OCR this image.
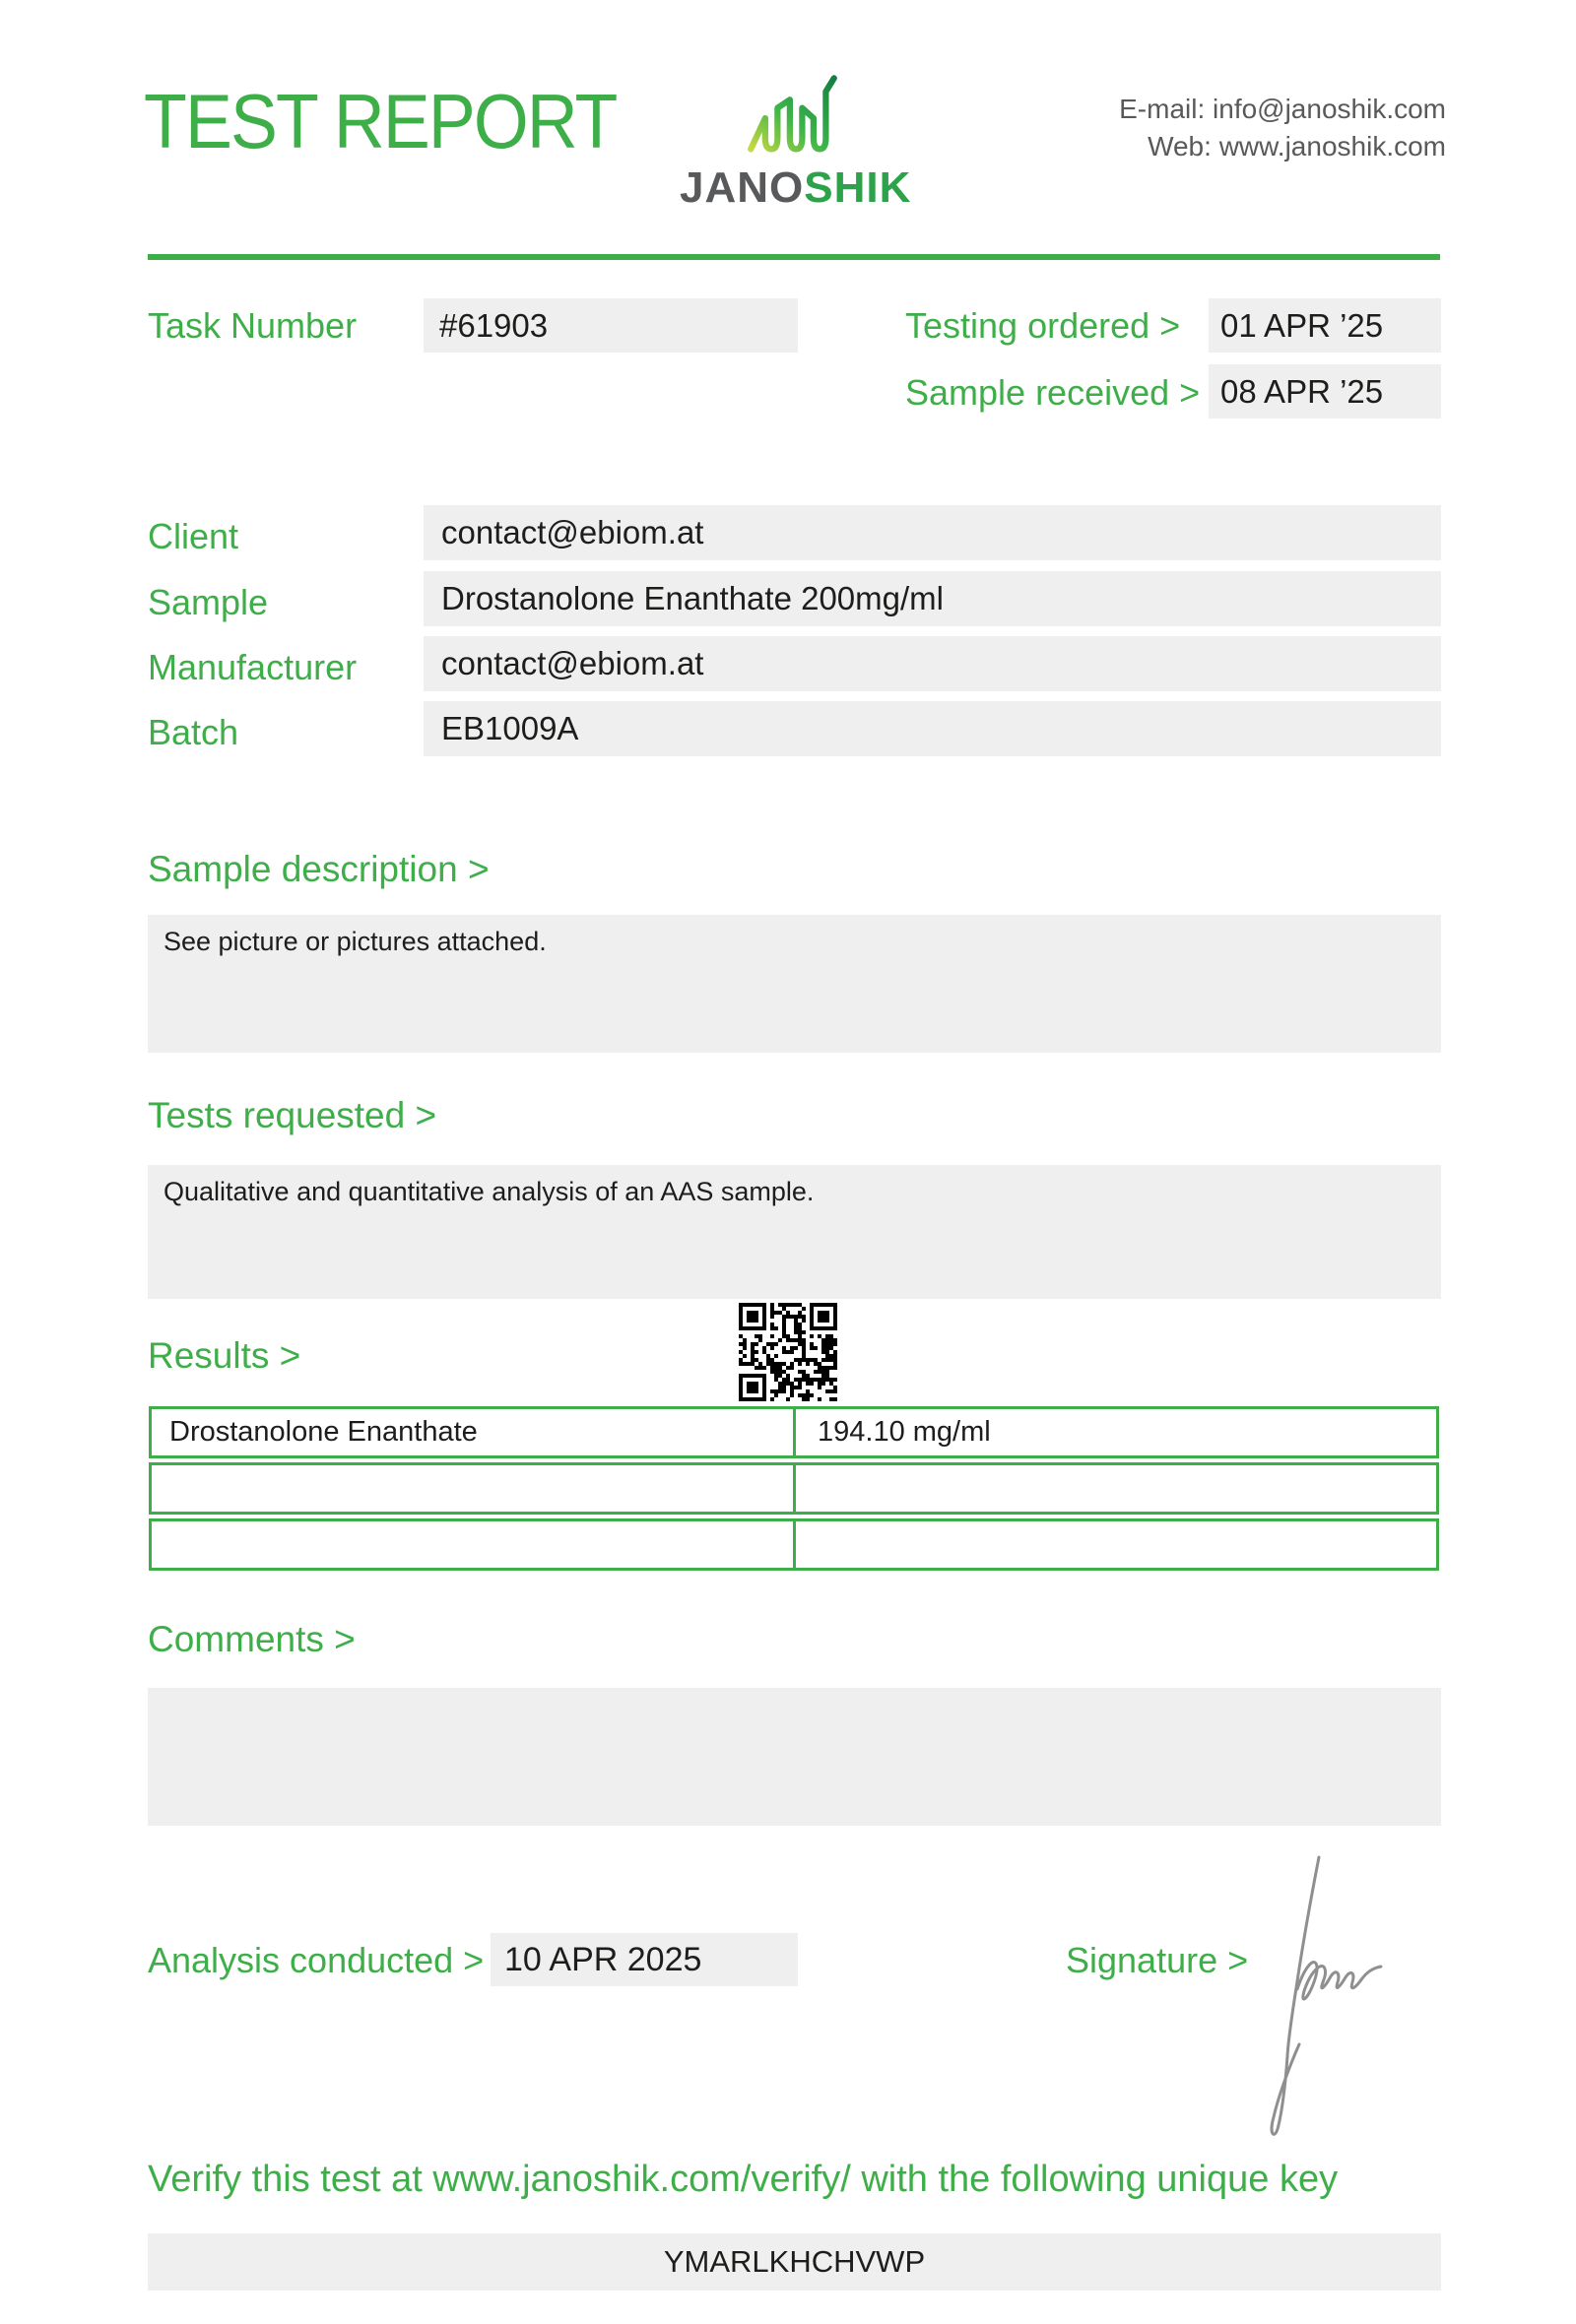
TEST REPORT
JANOSHIK
E-mail: info@janoshik.com
Web: www.janoshik.com
Task Number	#61903	Testing ordered >	01 APR ’25
Sample received > 08 APR ’25
Client	contact@ebiom.at
Sample	Drostanolone Enanthate 200mg/ml
Manufacturer	contact@ebiom.at
Batch	EB1009A
Sample description >
See picture or pictures attached.
Tests requested >
Qualitative and quantitative analysis of an AAS sample.
Results >
Drostanolone Enanthate	194.10 mg/ml
Comments >
Analysis conducted > 10 APR 2025	Signature >
Verify this test at www.janoshik.com/verify/ with the following unique key
YMARLKHCHVWP
